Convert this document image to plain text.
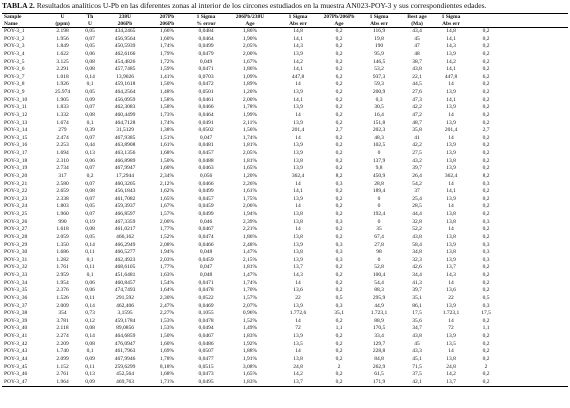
TABLA 2. Resultados analíticos U-Pb en las diferentes zonas al interior de los circones estudiados en la muestra AN023-POY-3 y sus correspondientes edades.
Sample	U	Th	238U	207Pb	1 Sigma	206Pb/238U	1 Sigma	207Pb/206Pb	1 Sigma	Best age	1 Sigma			
Name	(ppm)	U	206Pb	206Pb	% error	Age	Abs err	Age	Abs err	(Ma)	Abs err			
POY-3_1	2.198	0,05	434,2465	1,66%	0,0484	1,86%	14,8	0,2	116,9	43,4	14,8	0,2		
POY-3_2	1.956	0,07	456,9564	1,60%	0,0464	1,90%	14,1	0,2	19,8	45	14,1	0,2		
POY-3_3	1.849	0,05	450,5939	1,74%	0,0499	2,05%	14,3	0,2	190	47	14,3	0,2		
POY-3_4	1.622	0,06	462,6166	1,79%	0,0479	2,00%	13,9	0,2	95,9	48	13,9	0,2		
POY-3_5	3.125	0,08	454,4826	1,72%	0,049	1,67%	14,2	0,2	146,5	38,7	14,2	0,2		
POY-3_6	2.291	0,08	457,7485	1,59%	0,0471	1,86%	14,1	0,2	53,2	43,8	14,1	0,2		
POY-3_7	1.018	0,14	13,9026	1,41%	0,0703	1,09%	447,8	6,2	937,3	22,1	447,8	6,2		
POY-3_8	1.926	0,1	459,1618	1,50%	0,0472	1,89%	14	0,2	59,3	44,5	14	0,2		
POY-3_9	25.974	0,05	464,2564	1,48%	0,0501	1,20%	13,9	0,2	200,9	27,6	13,9	0,2		
POY-3_10	1.905	0,09	456,0959	1,58%	0,0461	2,00%	14,1	0,2	0,3	47,3	14,1	0,2		
POY-3_11	1.833	0,07	462,3083	1,58%	0,0466	1,78%	13,9	0,2	30,5	42,2	13,9	0,2		
POY-3_12	1.332	0,08	460,4499	1,73%	0,0464	1,99%	14	0,2	16,4	47,2	14	0,2		
POY-3_13	1.674	0,1	464,7128	1,74%	0,0491	2,11%	13,9	0,2	151,8	48,7	13,9	0,2		
POY-3_14	279	0,39	31,5129	1,38%	0,0502	1,56%	201,4	2,7	202,3	35,8	201,4	2,7		
POY-3_15	2.474	0,07	467,9385	1,51%	0,047	1,74%	14	0,2	48,3	41	14	0,2		
POY-3_16	2.253	0,44	463,8908	1,61%	0,0481	1,81%	13,9	0,2	102,5	42,2	13,9	0,2		
POY-3_17	1.694	0,13	463,1356	1,68%	0,0457	2,05%	13,9	0,2	0	27,5	13,9	0,2		
POY-3_18	2.310	0,06	466,8989	1,50%	0,0488	1,81%	13,8	0,2	137,9	43,2	13,8	0,2		
POY-3_19	2.734	0,07	467,9947	1,60%	0,0463	1,65%	13,9	0,2	9,8	39,7	13,9	0,2		
POY-3_20	317	0,2	17,2944	2,34%	0,056	1,20%	362,4	8,2	450,9	26,4	362,4	8,2		
POY-3_21	2.580	0,07	460,3205	2,12%	0,0466	2,26%	14	0,3	28,8	54,2	14	0,3		
POY-3_22	2.659	0,08	456,1843	1,62%	0,0499	1,61%	14,1	0,2	189,4	37	14,1	0,2		
POY-3_23	2.338	0,07	461,7082	1,65%	0,0457	1,75%	13,9	0,2	0	25,4	13,9	0,2		
POY-3_24	1.803	0,05	459,3937	1,67%	0,0459	2,06%	14	0,2	0	28,5	14	0,2		
POY-3_25	1.960	0,07	466,8597	1,57%	0,0499	1,94%	13,8	0,2	192,4	44,4	13,8	0,2		
POY-3_26	990	0,19	467,3359	2,00%	0,046	2,39%	13,8	0,3	0	32,8	13,8	0,3		
POY-3_27	1.618	0,08	461,0217	1,77%	0,0467	2,21%	14	0,2	35	52,2	14	0,2		
POY-3_28	2.059	0,05	466,162	1,52%	0,0474	1,86%	13,8	0,2	67,4	43,8	13,8	0,2		
POY-3_29	1.350	0,14	466,2949	2,08%	0,0466	2,48%	13,9	0,3	27,8	58,4	13,9	0,3		
POY-3_30	1.686	0,11	466,5277	1,94%	0,048	1,47%	13,8	0,3	98	34,8	13,8	0,3		
POY-3_31	1.282	0,1	462,4923	2,03%	0,0459	2,15%	13,9	0,3	0	32,3	13,9	0,3		
POY-3_32	1.761	0,11	468,6105	1,77%	0,047	1,81%	13,7	0,2	52,8	42,6	13,7	0,2		
POY-3_33	2.959	0,1	451,6481	1,63%	0,048	1,47%	14,3	0,2	100,4	34,4	14,3	0,2		
POY-3_34	1.954	0,06	460,8457	1,54%	0,0471	1,74%	14	0,2	54,4	41,3	14	0,2		
POY-3_35	2.376	0,06	474,7493	1,64%	0,0478	1,70%	13,6	0,2	88,3	39,7	13,6	0,2		
POY-3_36	1.526	0,11	291,592	2,30%	0,0522	1,57%	22	0,5	295,9	35,1	22	0,5		
POY-3_37	2.009	0,14	462,406	2,47%	0,0469	2,07%	13,9	0,3	44,9	86,1	13,9	0,3		
POY-3_38	354	0,73	3,1595	2,27%	0,1055	0,96%	1.772,6	35,1	1.723,1	17,5	1.723,1	17,5		
POY-3_39	3.781	0,12	459,1784	1,53%	0,0478	1,52%	14	0,2	88,9	35,6	14	0,2		
POY-3_40	2.118	0,08	89,0856	1,53%	0,0494	1,49%	72	1,1	170,5	34,7	72	1,1		
POY-3_41	2.274	0,14	464,6859	1,50%	0,0467	1,83%	13,9	0,2	33,4	43,8	13,9	0,2		
POY-3_42	2.209	0,08	476,0947	1,60%	0,0486	1,92%	13,5	0,2	129,7	45	13,5	0,2		
POY-3_43	1.740	0,1	461,7963	1,69%	0,0507	1,88%	14	0,2	228,8	43,3	14	0,2		
POY-3_44	2.099	0,09	467,9946	1,78%	0,0477	1,91%	13,8	0,2	84,8	45,1	13,8	0,2		
POY-3_45	1.152	0,11	259,6299	8,18%	0,0515	3,08%	24,8	2	262,9	71,5	24,8	2		
POY-3_46	2.761	0,13	452,564	1,68%	0,0473	1,65%	14,2	0,2	61,5	37,5	14,2	0,2		
POY-3_47	1.964	0,09	469,763	1,71%	0,0495	1,83%	13,7	0,2	171,9	42,1	13,7	0,2		
